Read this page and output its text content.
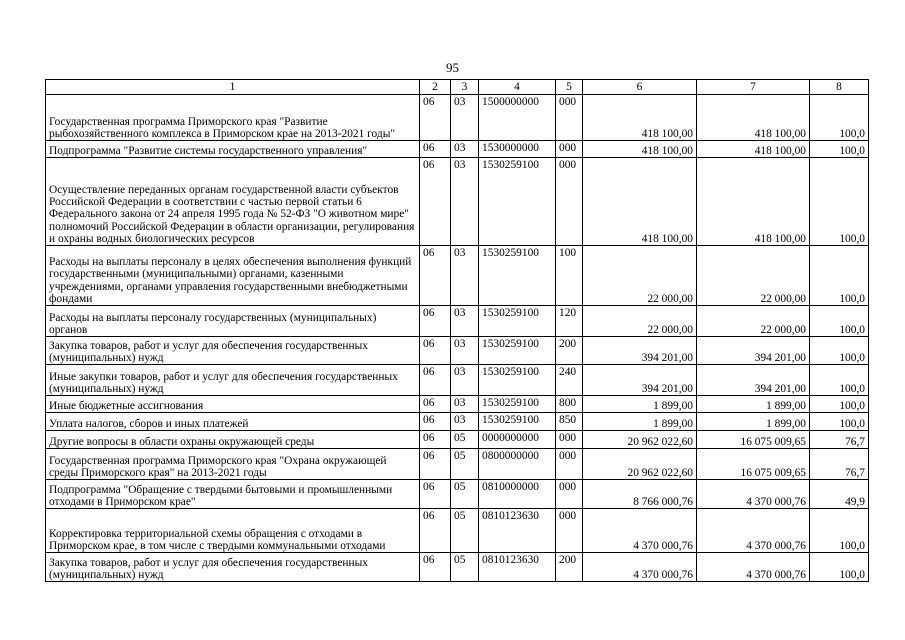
95
1	2	3	4	5	6	7	8
Государственная программа Приморского края "Развитие рыбохозяйственного комплекса в Приморском крае на 2013-2021 годы"	06	03	1500000000	000	418 100,00	418 100,00	100,0
Подпрограмма "Развитие системы государственного управления"	06	03	1530000000	000	418 100,00	418 100,00	100,0
Осуществление переданных органам государственной власти субъектов Российской Федерации в соответствии с частью первой статьи 6 Федерального закона от 24 апреля 1995 года № 52-ФЗ "О животном мире" полномочий Российской Федерации в области организации, регулирования и охраны водных биологических ресурсов	06	03	1530259100	000	418 100,00	418 100,00	100,0
Расходы на выплаты персоналу в целях обеспечения выполнения функций государственными (муниципальными) органами, казенными учреждениями, органами управления государственными внебюджетными фондами	06	03	1530259100	100	22 000,00	22 000,00	100,0
Расходы на выплаты персоналу государственных (муниципальных) органов	06	03	1530259100	120	22 000,00	22 000,00	100,0
Закупка товаров, работ и услуг для обеспечения государственных (муниципальных) нужд	06	03	1530259100	200	394 201,00	394 201,00	100,0
Иные закупки товаров, работ и услуг для обеспечения государственных (муниципальных) нужд	06	03	1530259100	240	394 201,00	394 201,00	100,0
Иные бюджетные ассигнования	06	03	1530259100	800	1 899,00	1 899,00	100,0
Уплата налогов, сборов и иных платежей	06	03	1530259100	850	1 899,00	1 899,00	100,0
Другие вопросы в области охраны окружающей среды	06	05	0000000000	000	20 962 022,60	16 075 009,65	76,7
Государственная программа Приморского края "Охрана окружающей среды Приморского края" на 2013-2021 годы	06	05	0800000000	000	20 962 022,60	16 075 009,65	76,7
Подпрограмма "Обращение с твердыми бытовыми и промышленными отходами в Приморском крае"	06	05	0810000000	000	8 766 000,76	4 370 000,76	49,9
Корректировка территориальной схемы обращения с отходами в Приморском крае, в том числе с твердыми коммунальными отходами	06	05	0810123630	000	4 370 000,76	4 370 000,76	100,0
Закупка товаров, работ и услуг для обеспечения государственных (муниципальных) нужд	06	05	0810123630	200	4 370 000,76	4 370 000,76	100,0
